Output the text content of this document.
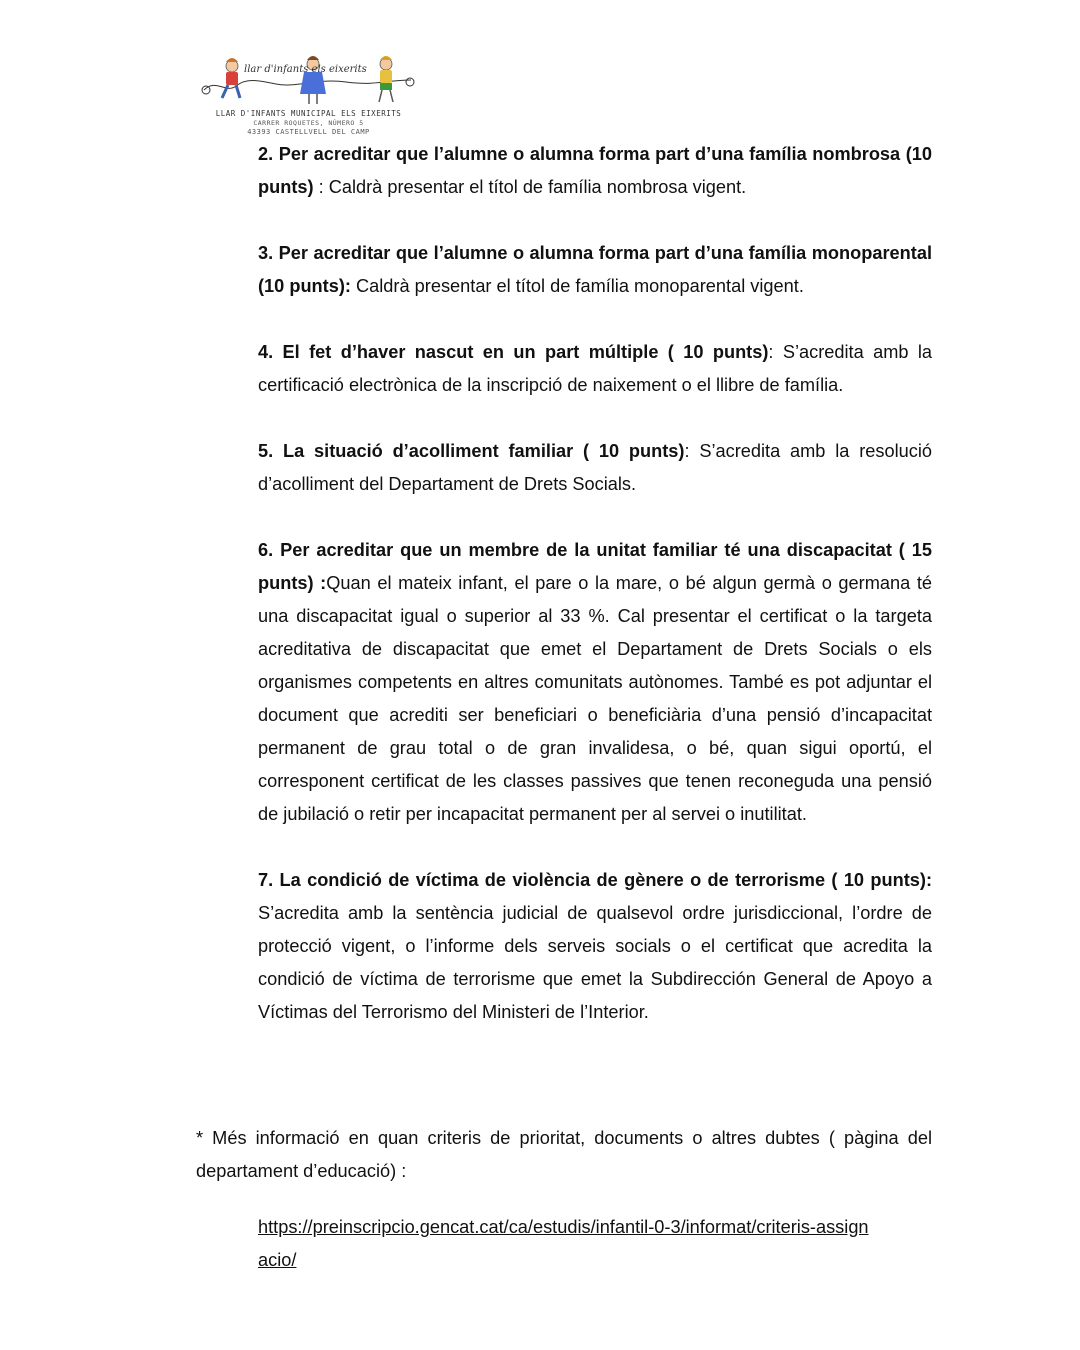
llar d'infants els eixerits
LLAR D'INFANTS MUNICIPAL ELS EIXERITS
CARRER ROQUETES, NÚMERO 5
43393 CASTELLVELL DEL CAMP

2. Per acreditar que l’alumne o alumna forma part d’una família nombrosa (10 punts) : Caldrà presentar el títol de família nombrosa vigent.

3. Per acreditar que l’alumne o alumna forma part d’una família monoparental (10 punts): Caldrà presentar el títol de família monoparental vigent.

4. El fet d’haver nascut en un part múltiple ( 10 punts): S’acredita amb la certificació electrònica de la inscripció de naixement o el llibre de família.

5. La situació d’acolliment familiar ( 10 punts): S’acredita amb la resolució d’acolliment del Departament de Drets Socials.

6. Per acreditar que un membre de la unitat familiar té una discapacitat ( 15 punts) :Quan el mateix infant, el pare o la mare, o bé algun germà o germana té una discapacitat igual o superior al 33 %. Cal presentar el certificat o la targeta acreditativa de discapacitat que emet el Departament de Drets Socials o els organismes competents en altres comunitats autònomes. També es pot adjuntar el document que acrediti ser beneficiari o beneficiària d’una pensió d’incapacitat permanent de grau total o de gran invalidesa, o bé, quan sigui oportú, el corresponent certificat de les classes passives que tenen reconeguda una pensió de jubilació o retir per incapacitat permanent per al servei o inutilitat.

7. La condició de víctima de violència de gènere o de terrorisme ( 10 punts): S’acredita amb la sentència judicial de qualsevol ordre jurisdiccional, l’ordre de protecció vigent, o l’informe dels serveis socials o el certificat que acredita la condició de víctima de terrorisme que emet la Subdirección General de Apoyo a Víctimas del Terrorismo del Ministeri de l’Interior.

* Més informació en quan criteris de prioritat, documents o altres dubtes ( pàgina del departament d’educació) :

https://preinscripcio.gencat.cat/ca/estudis/infantil-0-3/informat/criteris-assignacio/
